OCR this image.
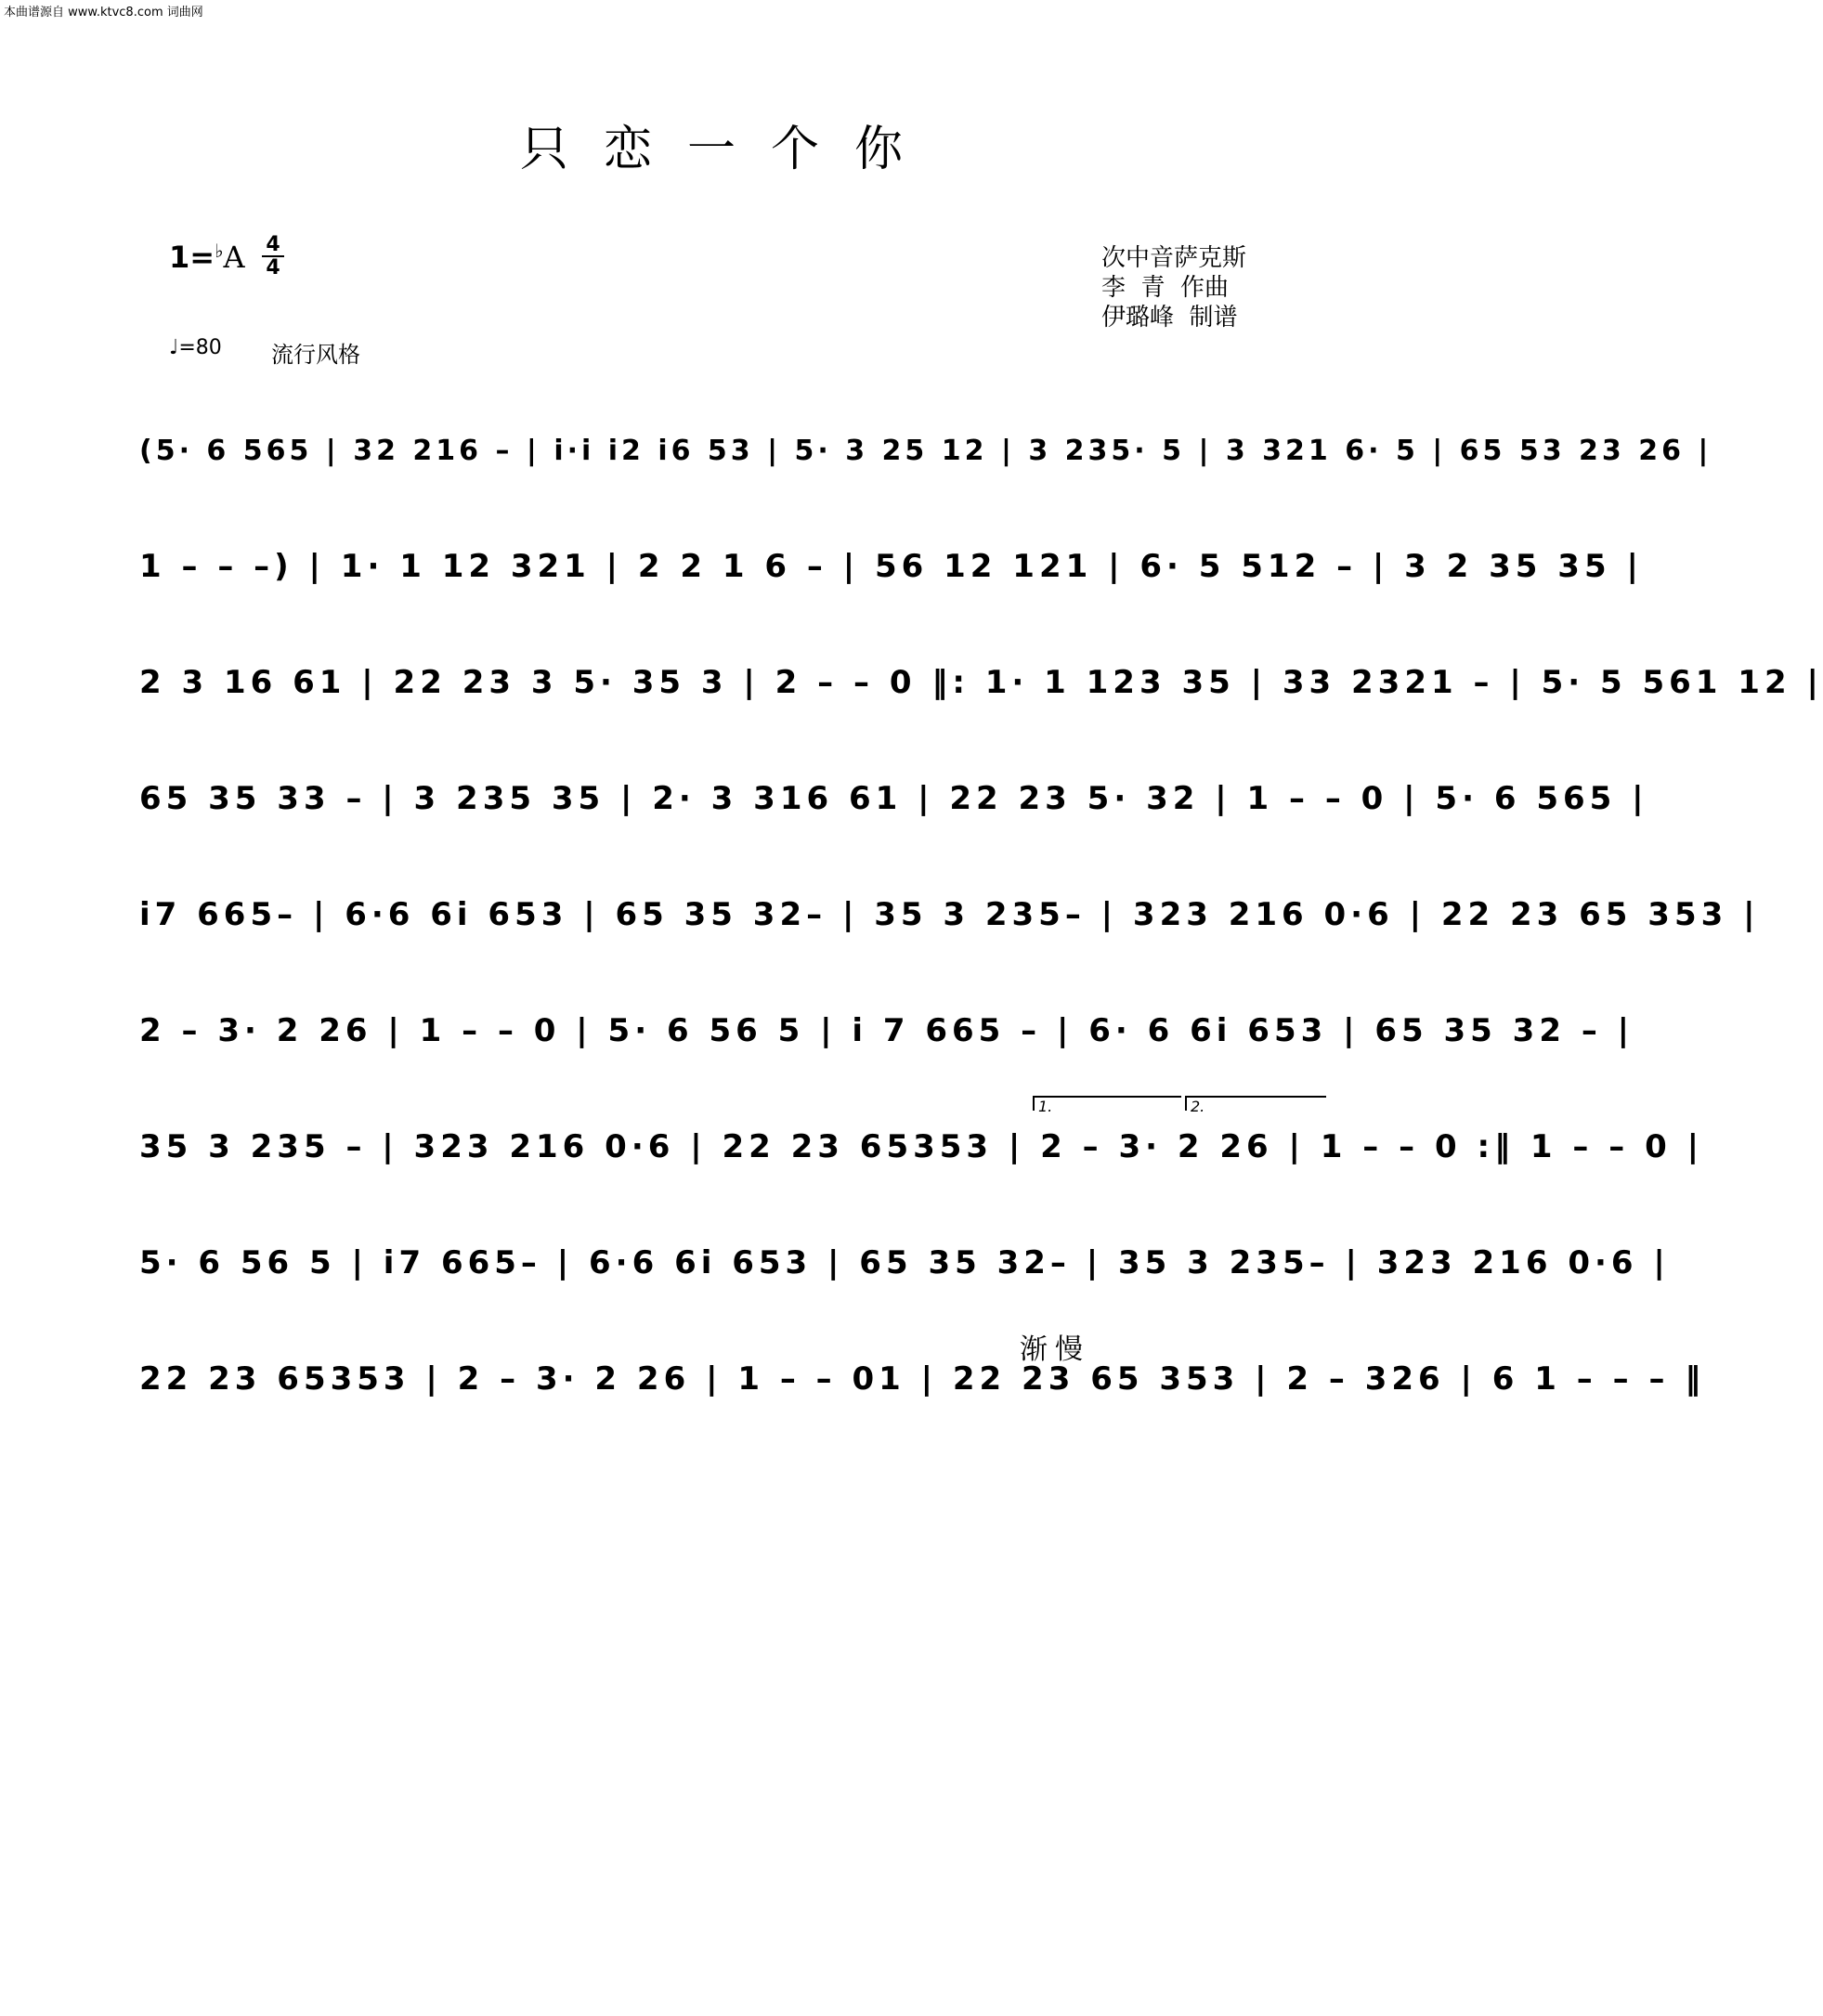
本曲谱源自 www.ktvc8.com 词曲网
只恋一个你
1=♭A 4
4
♩=80 流行风格
次中音萨克斯
李  青  作曲
伊璐峰  制谱
(5· 6 565 | 32 216 – | i·i i2 i6 53 | 5· 3 25 12 | 3 235· 5 | 3 321 6· 5 | 65 53 23 26 |
1 – – –) | 1· 1 12 321 | 2 2 1 6 – | 56 12 121 | 6· 5 512 – | 3 2 35 35 |
2 3 16 61 | 22 23 3 5· 35 3 | 2 – – 0 ‖: 1· 1 123 35 | 33 2321 – | 5· 5 561 12 |
65 35 33 – | 3 235 35 | 2· 3 316 61 | 22 23 5· 32 | 1 – – 0 | 5· 6 565 |
i7 665– | 6·6 6i 653 | 65 35 32– | 35 3 235– | 323 216 0·6 | 22 23 65 353 |
2 – 3· 2 26 | 1 – – 0 | 5· 6 56 5 | i 7 665 – | 6· 6 6i 653 | 65 35 32 – |
35 3 235 – | 323 216 0·6 | 22 23 65353 | 2 – 3· 2 26 | 1 – – 0 :‖ 1 – – 0 |
5· 6 56 5 | i7 665– | 6·6 6i 653 | 65 35 32– | 35 3 235– | 323 216 0·6 |
22 23 65353 | 2 – 3· 2 26 | 1 – – 01 | 22 23 65 353 | 2 – 326 | 6 1 – – – ‖
1.	2.
渐慢
